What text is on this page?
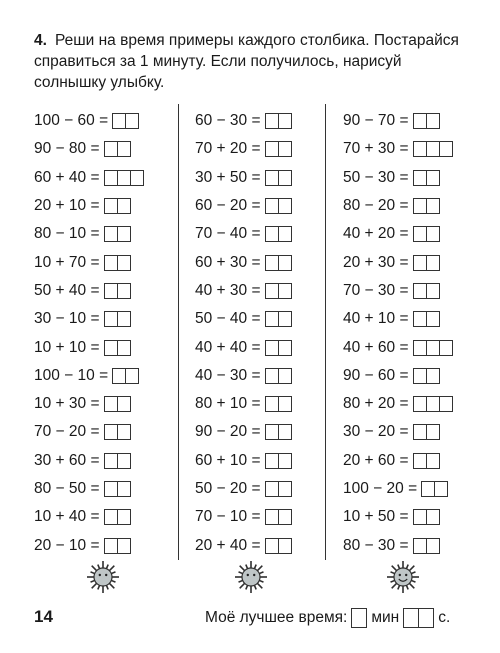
4. Реши на время примеры каждого столбика. Постарайся справиться за 1 минуту. Если получилось, нарисуй солнышку улыбку.
100 − 60 =
90 − 80 =
60 + 40 =
20 + 10 =
80 − 10 =
10 + 70 =
50 + 40 =
30 − 10 =
10 + 10 =
100 − 10 =
10 + 30 =
70 − 20 =
30 + 60 =
80 − 50 =
10 + 40 =
20 − 10 =
60 − 30 =
70 + 20 =
30 + 50 =
60 − 20 =
70 − 40 =
60 + 30 =
40 + 30 =
50 − 40 =
40 + 40 =
40 − 30 =
80 + 10 =
90 − 20 =
60 + 10 =
50 − 20 =
70 − 10 =
20 + 40 =
90 − 70 =
70 + 30 =
50 − 30 =
80 − 20 =
40 + 20 =
20 + 30 =
70 − 30 =
40 + 10 =
40 + 60 =
90 − 60 =
80 + 20 =
30 − 20 =
20 + 60 =
100 − 20 =
10 + 50 =
80 − 30 =
14	Моё лучшее время: мин	с.
